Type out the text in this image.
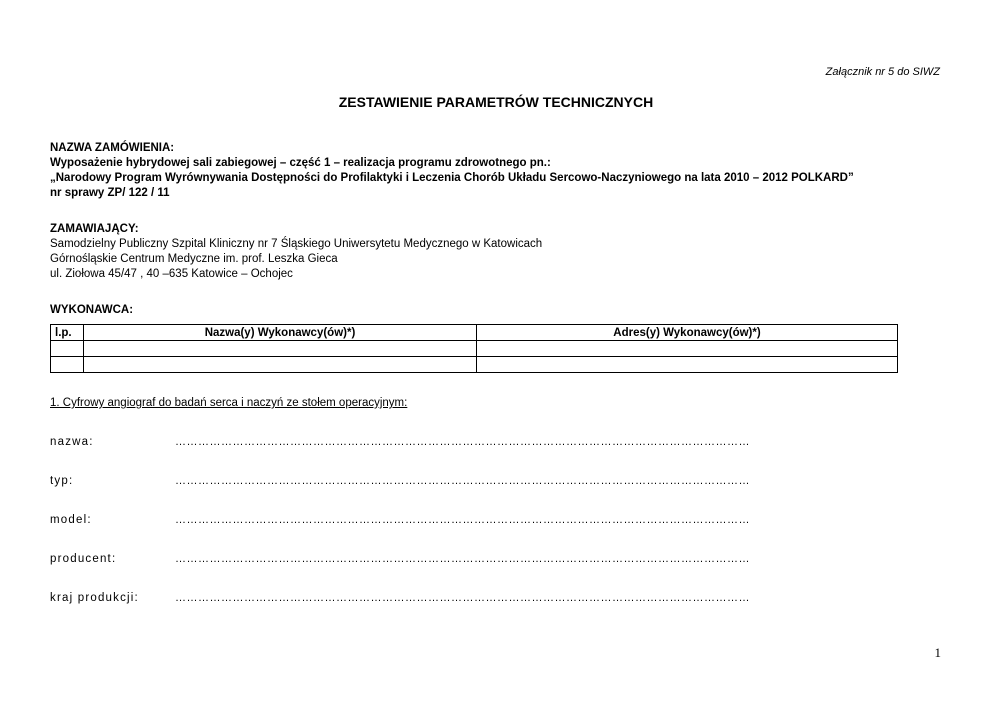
Załącznik nr 5 do SIWZ
ZESTAWIENIE PARAMETRÓW TECHNICZNYCH
NAZWA ZAMÓWIENIA:
Wyposażenie hybrydowej sali zabiegowej – część 1 – realizacja programu zdrowotnego pn.:
„Narodowy Program Wyrównywania Dostępności do Profilaktyki i Leczenia Chorób Układu Sercowo-Naczyniowego na lata 2010 – 2012 POLKARD”
nr sprawy ZP/ 122 / 11
ZAMAWIAJĄCY:
Samodzielny Publiczny Szpital Kliniczny nr 7 Śląskiego Uniwersytetu Medycznego w Katowicach
Górnośląskie Centrum Medyczne im. prof. Leszka Gieca
ul. Ziołowa 45/47 , 40 –635 Katowice – Ochojec
WYKONAWCA:
l.p.	Nazwa(y) Wykonawcy(ów)*)	Adres(y) Wykonawcy(ów)*)

1. Cyfrowy angiograf do badań serca i naczyń ze stołem operacyjnym:
nazwa:	……………………………………………………………………………………………………………………………………
typ:	……………………………………………………………………………………………………………………………………
model:	……………………………………………………………………………………………………………………………………
producent:	……………………………………………………………………………………………………………………………………
kraj produkcji:	……………………………………………………………………………………………………………………………………
1
